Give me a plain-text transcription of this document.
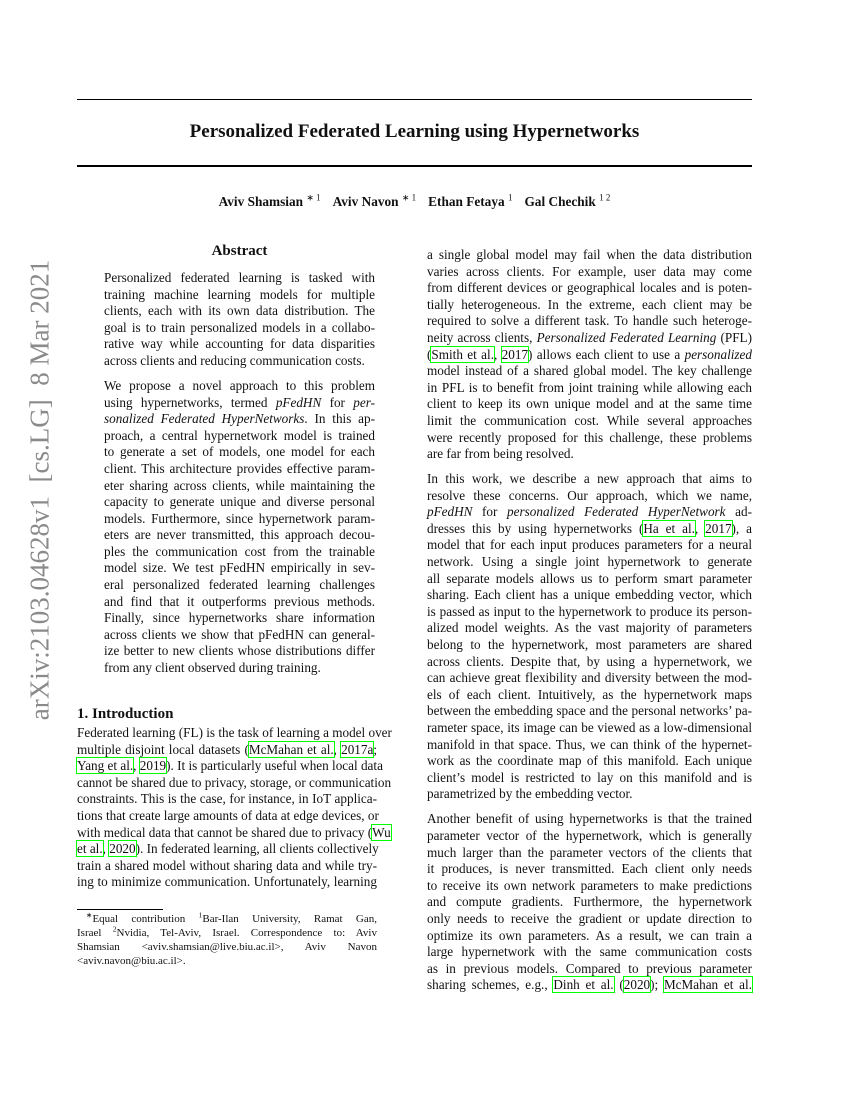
Personalized Federated Learning using Hypernetworks
Aviv Shamsian $^{∗ 1}$ Aviv Navon $^{∗ 1}$ Ethan Fetaya $^1$ Gal Chechik $^{1 2}$
arXiv:2103.04628v1  [cs.LG]  8 Mar 2021
Abstract
Personalized federated learning is tasked with
training machine learning models for multiple
clients, each with its own data distribution. The
goal is to train personalized models in a collabo-
rative way while accounting for data disparities
across clients and reducing communication costs.
We propose a novel approach to this problem
using hypernetworks, termed pFedHN for per-
sonalized Federated HyperNetworks. In this ap-
proach, a central hypernetwork model is trained
to generate a set of models, one model for each
client. This architecture provides effective param-
eter sharing across clients, while maintaining the
capacity to generate unique and diverse personal
models. Furthermore, since hypernetwork param-
eters are never transmitted, this approach decou-
ples the communication cost from the trainable
model size. We test pFedHN empirically in sev-
eral personalized federated learning challenges
and find that it outperforms previous methods.
Finally, since hypernetworks share information
across clients we show that pFedHN can general-
ize better to new clients whose distributions differ
from any client observed during training.
1. Introduction
Federated learning (FL) is the task of learning a model over
multiple disjoint local datasets (McMahan et al., 2017a;
Yang et al., 2019). It is particularly useful when local data
cannot be shared due to privacy, storage, or communication
constraints. This is the case, for instance, in IoT applica-
tions that create large amounts of data at edge devices, or
with medical data that cannot be shared due to privacy (Wu
et al., 2020). In federated learning, all clients collectively
train a shared model without sharing data and while try-
ing to minimize communication. Unfortunately, learning
∗Equal contribution $^1$Bar-Ilan University, Ramat Gan,
Israel $^2$Nvidia, Tel-Aviv, Israel. Correspondence to: Aviv
Shamsian <aviv.shamsian@live.biu.ac.il>, Aviv Navon
<aviv.navon@biu.ac.il>.
a single global model may fail when the data distribution
varies across clients. For example, user data may come
from different devices or geographical locales and is poten-
tially heterogeneous. In the extreme, each client may be
required to solve a different task. To handle such heteroge-
neity across clients, Personalized Federated Learning (PFL)
(Smith et al., 2017) allows each client to use a personalized
model instead of a shared global model. The key challenge
in PFL is to benefit from joint training while allowing each
client to keep its own unique model and at the same time
limit the communication cost. While several approaches
were recently proposed for this challenge, these problems
are far from being resolved.
In this work, we describe a new approach that aims to
resolve these concerns. Our approach, which we name,
pFedHN for personalized Federated HyperNetwork ad-
dresses this by using hypernetworks (Ha et al., 2017), a
model that for each input produces parameters for a neural
network. Using a single joint hypernetwork to generate
all separate models allows us to perform smart parameter
sharing. Each client has a unique embedding vector, which
is passed as input to the hypernetwork to produce its person-
alized model weights. As the vast majority of parameters
belong to the hypernetwork, most parameters are shared
across clients. Despite that, by using a hypernetwork, we
can achieve great flexibility and diversity between the mod-
els of each client. Intuitively, as the hypernetwork maps
between the embedding space and the personal networks’ pa-
rameter space, its image can be viewed as a low-dimensional
manifold in that space. Thus, we can think of the hypernet-
work as the coordinate map of this manifold. Each unique
client’s model is restricted to lay on this manifold and is
parametrized by the embedding vector.
Another benefit of using hypernetworks is that the trained
parameter vector of the hypernetwork, which is generally
much larger than the parameter vectors of the clients that
it produces, is never transmitted. Each client only needs
to receive its own network parameters to make predictions
and compute gradients. Furthermore, the hypernetwork
only needs to receive the gradient or update direction to
optimize its own parameters. As a result, we can train a
large hypernetwork with the same communication costs
as in previous models. Compared to previous parameter
sharing schemes, e.g., Dinh et al. (2020); McMahan et al.
